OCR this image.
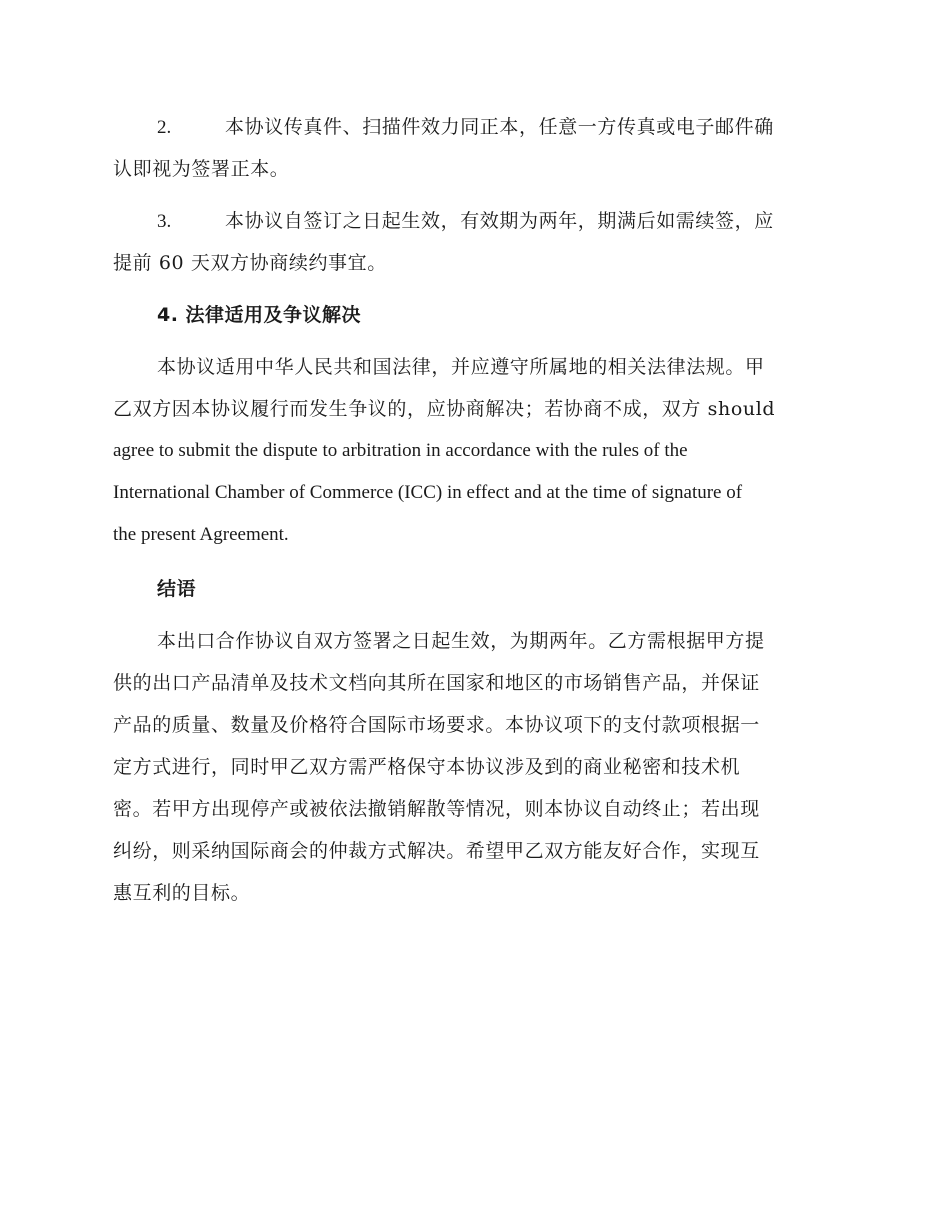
2.	本协议传真件、扫描件效力同正本，任意一方传真或电子邮件确
认即视为签署正本。
3.	本协议自签订之日起生效，有效期为两年，期满后如需续签，应
提前 60 天双方协商续约事宜。
4. 法律适用及争议解决
本协议适用中华人民共和国法律，并应遵守所属地的相关法律法规。甲
乙双方因本协议履行而发生争议的，应协商解决；若协商不成，双方 should
agree to submit the dispute to arbitration in accordance with the rules of the
International Chamber of Commerce (ICC) in effect and at the time of signature of
the present Agreement.
结语
本出口合作协议自双方签署之日起生效，为期两年。乙方需根据甲方提
供的出口产品清单及技术文档向其所在国家和地区的市场销售产品，并保证
产品的质量、数量及价格符合国际市场要求。本协议项下的支付款项根据一
定方式进行，同时甲乙双方需严格保守本协议涉及到的商业秘密和技术机
密。若甲方出现停产或被依法撤销解散等情况，则本协议自动终止；若出现
纠纷，则采纳国际商会的仲裁方式解决。希望甲乙双方能友好合作，实现互
惠互利的目标。
